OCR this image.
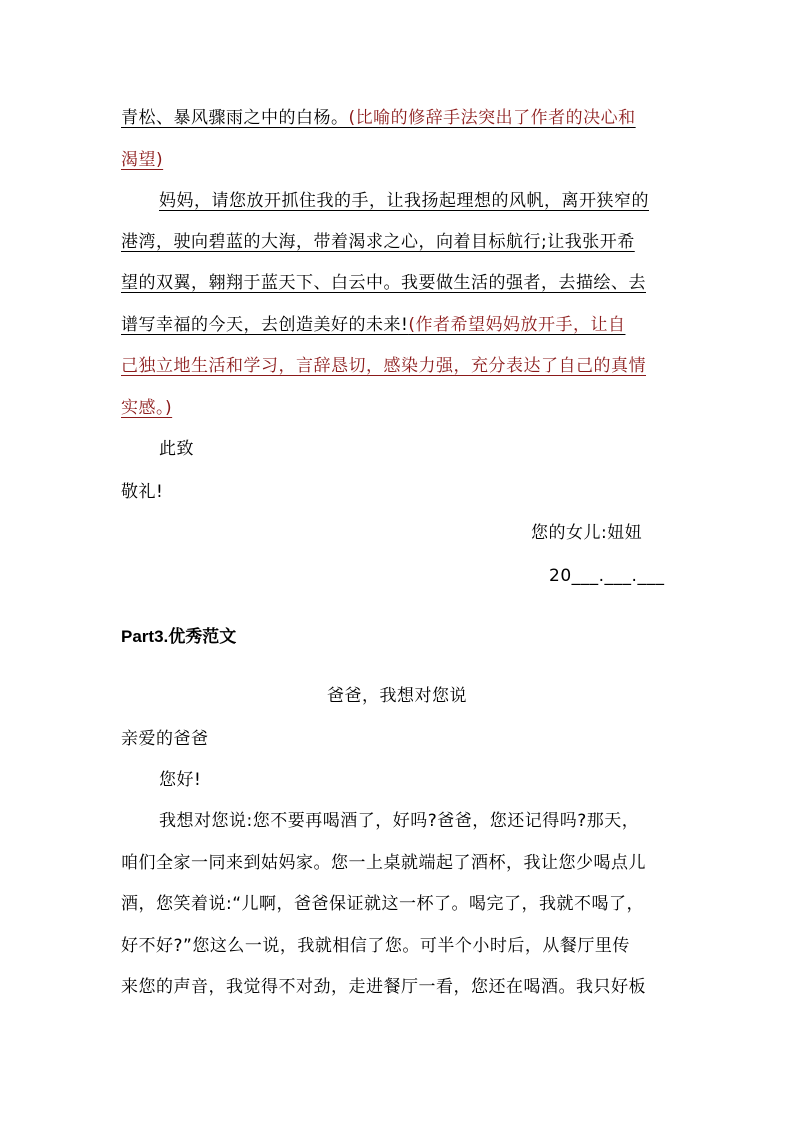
青松、暴风骤雨之中的白杨。(比喻的修辞手法突出了作者的决心和
渴望)
妈妈，请您放开抓住我的手，让我扬起理想的风帆，离开狭窄的
港湾，驶向碧蓝的大海，带着渴求之心，向着目标航行;让我张开希
望的双翼，翱翔于蓝天下、白云中。我要做生活的强者，去描绘、去
谱写幸福的今天，去创造美好的未来!(作者希望妈妈放开手，让自
己独立地生活和学习，言辞恳切，感染力强，充分表达了自己的真情
实感。)
此致
敬礼!
您的女儿:妞妞
20___.___.___
Part3.优秀范文
爸爸，我想对您说
亲爱的爸爸
您好!
我想对您说:您不要再喝酒了，好吗?爸爸，您还记得吗?那天，
咱们全家一同来到姑妈家。您一上桌就端起了酒杯，我让您少喝点儿
酒，您笑着说:“儿啊，爸爸保证就这一杯了。喝完了，我就不喝了，
好不好?”您这么一说，我就相信了您。可半个小时后，从餐厅里传
来您的声音，我觉得不对劲，走进餐厅一看，您还在喝酒。我只好板
